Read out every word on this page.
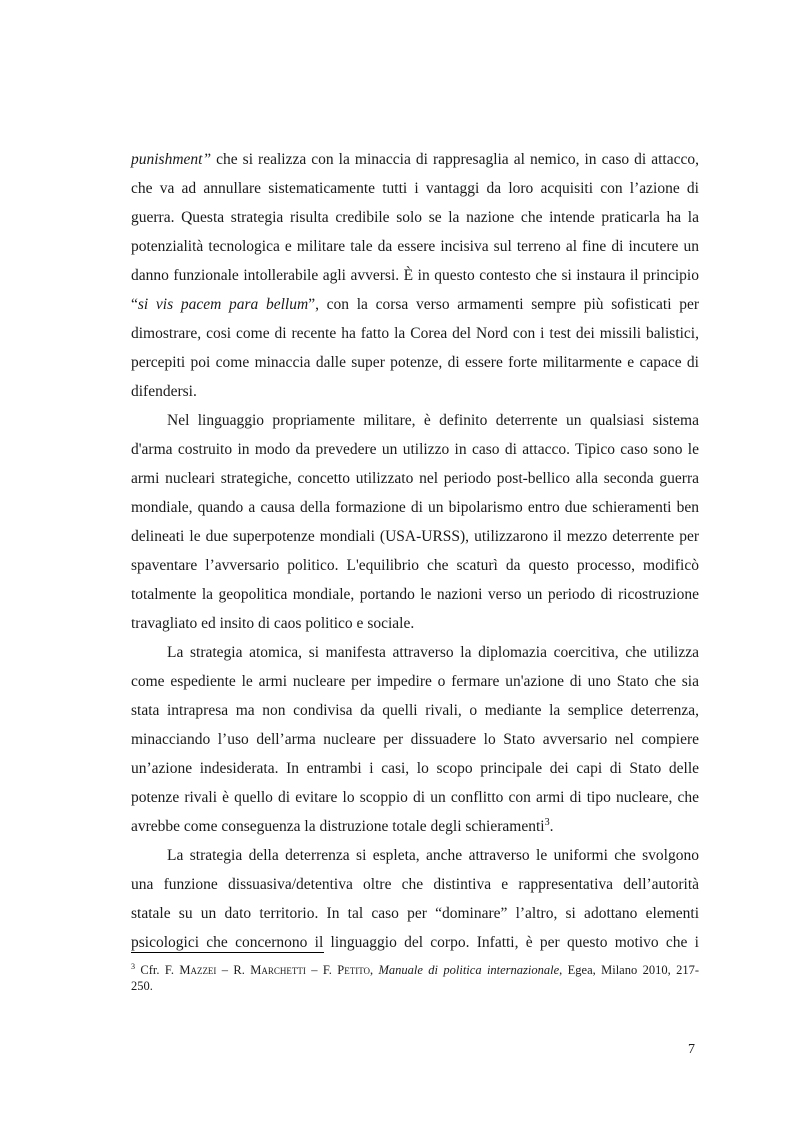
punishment” che si realizza con la minaccia di rappresaglia al nemico, in caso di attacco,
che va ad annullare sistematicamente tutti i vantaggi da loro acquisiti con l’azione di
guerra. Questa strategia risulta credibile solo se la nazione che intende praticarla ha la
potenzialità tecnologica e militare tale da essere incisiva sul terreno al fine di incutere un
danno funzionale intollerabile agli avversi. È in questo contesto che si instaura il principio
“si vis pacem para bellum”, con la corsa verso armamenti sempre più sofisticati per
dimostrare, cosi come di recente ha fatto la Corea del Nord con i test dei missili balistici,
percepiti poi come minaccia dalle super potenze, di essere forte militarmente e capace di
difendersi.
Nel linguaggio propriamente militare, è definito deterrente un qualsiasi sistema
d'arma costruito in modo da prevedere un utilizzo in caso di attacco. Tipico caso sono le
armi nucleari strategiche, concetto utilizzato nel periodo post-bellico alla seconda guerra
mondiale, quando a causa della formazione di un bipolarismo entro due schieramenti ben
delineati le due superpotenze mondiali (USA-URSS), utilizzarono il mezzo deterrente per
spaventare l’avversario politico. L'equilibrio che scaturì da questo processo, modificò
totalmente la geopolitica mondiale, portando le nazioni verso un periodo di ricostruzione
travagliato ed insito di caos politico e sociale.
La strategia atomica, si manifesta attraverso la diplomazia coercitiva, che utilizza
come espediente le armi nucleare per impedire o fermare un'azione di uno Stato che sia
stata intrapresa ma non condivisa da quelli rivali, o mediante la semplice deterrenza,
minacciando l’uso dell’arma nucleare per dissuadere lo Stato avversario nel compiere
un’azione indesiderata. In entrambi i casi, lo scopo principale dei capi di Stato delle
potenze rivali è quello di evitare lo scoppio di un conflitto con armi di tipo nucleare, che
avrebbe come conseguenza la distruzione totale degli schieramenti$^3$.
La strategia della deterrenza si espleta, anche attraverso le uniformi che svolgono
una funzione dissuasiva/detentiva oltre che distintiva e rappresentativa dell’autorità
statale su un dato territorio. In tal caso per “dominare” l’altro, si adottano elementi
psicologici che concernono il linguaggio del corpo. Infatti, è per questo motivo che i
$^3$ Cfr. F. Mazzei – R. Marchetti – F. Petito, Manuale di politica internazionale, Egea, Milano 2010, 217-
250.
7
